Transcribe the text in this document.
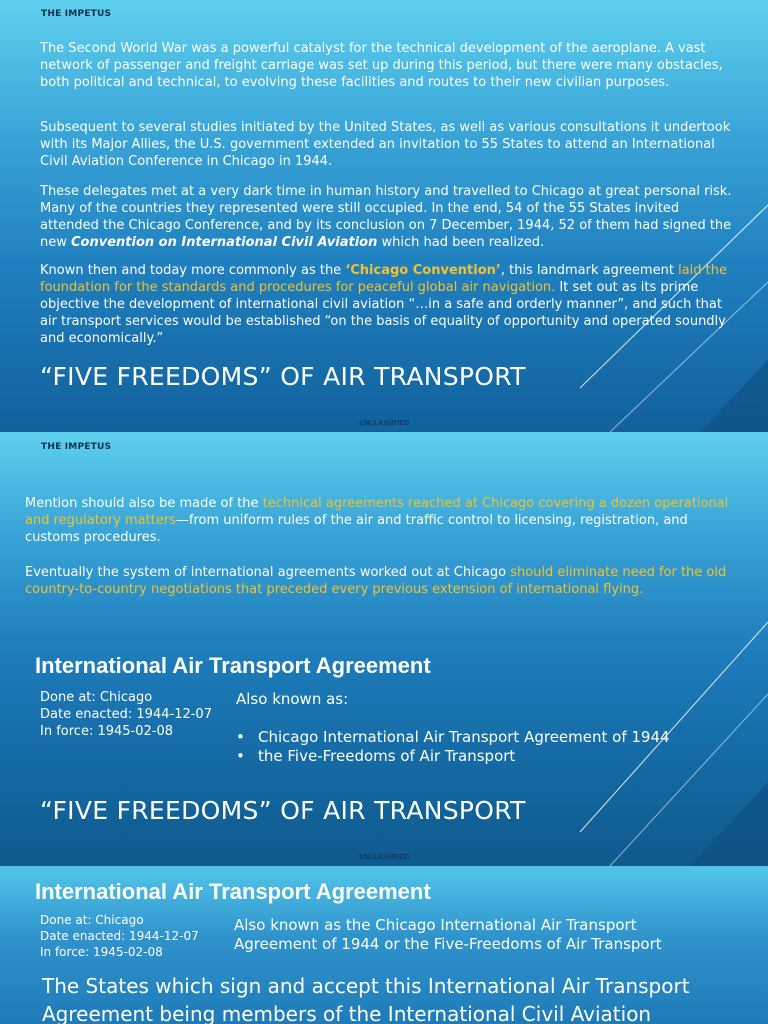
THE IMPETUS

The Second World War was a powerful catalyst for the technical development of the aeroplane. A vast network of passenger and freight carriage was set up during this period, but there were many obstacles, both political and technical, to evolving these facilities and routes to their new civilian purposes.

Subsequent to several studies initiated by the United States, as well as various consultations it undertook with its Major Allies, the U.S. government extended an invitation to 55 States to attend an International Civil Aviation Conference in Chicago in 1944.

These delegates met at a very dark time in human history and travelled to Chicago at great personal risk. Many of the countries they represented were still occupied. In the end, 54 of the 55 States invited attended the Chicago Conference, and by its conclusion on 7 December, 1944, 52 of them had signed the new Convention on International Civil Aviation which had been realized.

Known then and today more commonly as the ‘Chicago Convention’, this landmark agreement laid the foundation for the standards and procedures for peaceful global air navigation. It set out as its prime objective the development of international civil aviation “…in a safe and orderly manner”, and such that air transport services would be established “on the basis of equality of opportunity and operated soundly and economically.”

“FIVE FREEDOMS” OF AIR TRANSPORT
UNCLASSIFIED
THE IMPETUS

Mention should also be made of the technical agreements reached at Chicago covering a dozen operational and regulatory matters—from uniform rules of the air and traffic control to licensing, registration, and customs procedures.

Eventually the system of international agreements worked out at Chicago should eliminate need for the old country-to-country negotiations that preceded every previous extension of international flying.

International Air Transport Agreement
Done at: Chicago
Date enacted: 1944-12-07
In force: 1945-02-08
Also known as:
• Chicago International Air Transport Agreement of 1944
• the Five-Freedoms of Air Transport
“FIVE FREEDOMS” OF AIR TRANSPORT
UNCLASSIFIED
International Air Transport Agreement
Done at: Chicago
Date enacted: 1944-12-07
In force: 1945-02-08
Also known as the Chicago International Air Transport Agreement of 1944 or the Five-Freedoms of Air Transport

The States which sign and accept this International Air Transport Agreement being members of the International Civil Aviation
